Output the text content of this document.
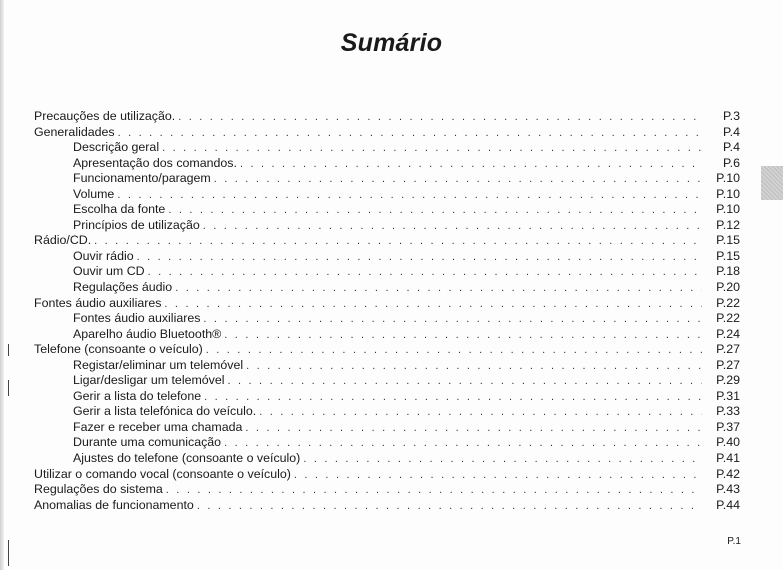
Sumário
Precauções de utilização. . . .	P.3
Generalidades . . .	P.4
Descrição geral . . .	P.4
Apresentação dos comandos. . . .	P.6
Funcionamento/paragem . . .	P.10
Volume . . .	P.10
Escolha da fonte . . .	P.10
Princípios de utilização . . .	P.12
Rádio/CD. . . .	P.15
Ouvir rádio . . .	P.15
Ouvir um CD . . .	P.18
Regulações áudio . . .	P.20
Fontes áudio auxiliares . . .	P.22
Fontes áudio auxiliares . . .	P.22
Aparelho áudio Bluetooth® . . .	P.24
Telefone (consoante o veículo) . . .	P.27
Registar/eliminar um telemóvel . . .	P.27
Ligar/desligar um telemóvel . . .	P.29
Gerir a lista do telefone . . .	P.31
Gerir a lista telefónica do veículo. . . .	P.33
Fazer e receber uma chamada . . .	P.37
Durante uma comunicação . . .	P.40
Ajustes do telefone (consoante o veículo) . . .	P.41
Utilizar o comando vocal (consoante o veículo) . . .	P.42
Regulações do sistema . . .	P.43
Anomalias de funcionamento . . .	P.44
P.1
